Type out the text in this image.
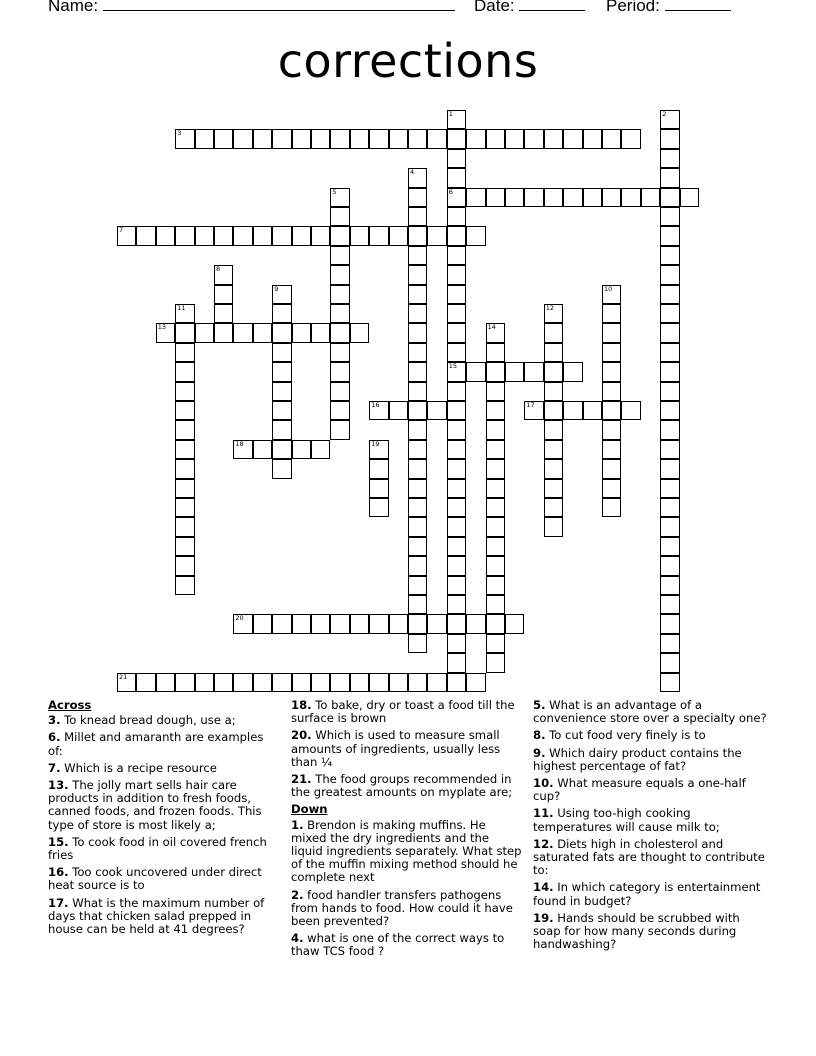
Name:	Date:	Period:
corrections
1
6
15
2
3
4
5
7
8
9	10
11	12
13	14
16	17
18	19
20
21
Across
3. To knead bread dough, use a;
6. Millet and amaranth are examples of:
7. Which is a recipe resource
13. The jolly mart sells hair care products in addition to fresh foods, canned foods, and frozen foods. This type of store is most likely a;
15. To cook food in oil covered french fries
16. Too cook uncovered under direct heat source is to
17. What is the maximum number of days that chicken salad prepped in house can be held at 41 degrees?
18. To bake, dry or toast a food till the surface is brown
20. Which is used to measure small amounts of ingredients, usually less than ¼
21. The food groups recommended in the greatest amounts on myplate are;
Down
1. Brendon is making muffins. He mixed the dry ingredients and the liquid ingredients separately. What step of the muffin mixing method should he complete next
2. food handler transfers pathogens from hands to food. How could it have been prevented?
4. what is one of the correct ways to thaw TCS food ?
5. What is an advantage of a convenience store over a specialty one?
8. To cut food very finely is to
9. Which dairy product contains the highest percentage of fat?
10. What measure equals a one-half cup?
11. Using too-high cooking temperatures will cause milk to;
12. Diets high in cholesterol and saturated fats are thought to contribute to:
14. In which category is entertainment found in budget?
19. Hands should be scrubbed with soap for how many seconds during handwashing?
